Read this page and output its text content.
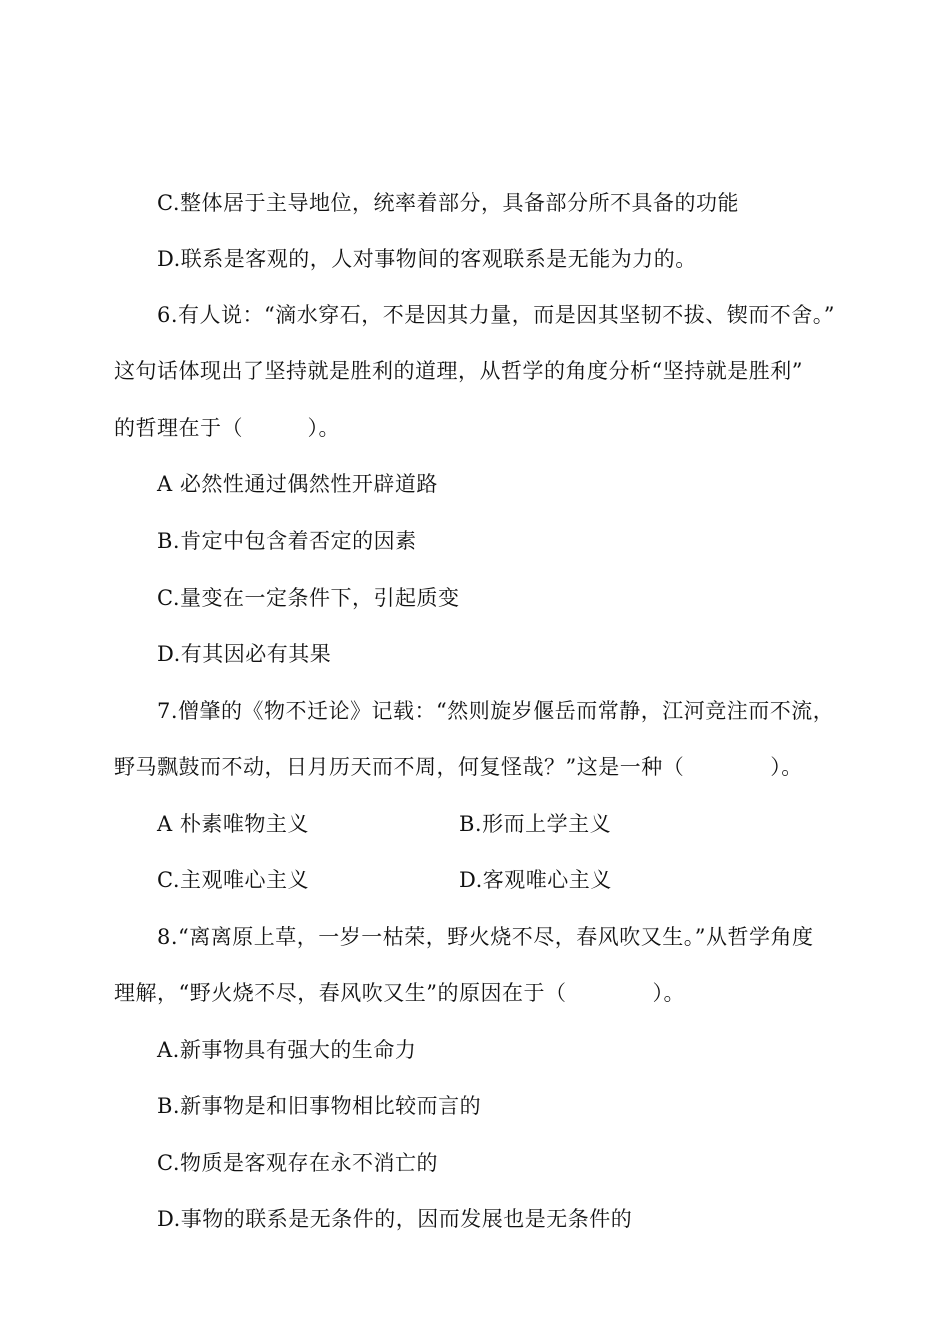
C.整体居于主导地位，统率着部分，具备部分所不具备的功能
D.联系是客观的，人对事物间的客观联系是无能为力的。
6.有人说：“滴水穿石，不是因其力量，而是因其坚韧不拔、锲而不舍。”
这句话体现出了坚持就是胜利的道理，从哲学的角度分析“坚持就是胜利”
的哲理在于（　　　）。
A 必然性通过偶然性开辟道路
B.肯定中包含着否定的因素
C.量变在一定条件下，引起质变
D.有其因必有其果
7.僧肇的《物不迁论》记载：“然则旋岁偃岳而常静，江河竞注而不流，
野马飘鼓而不动，日月历天而不周，何复怪哉？”这是一种（　　　　）。
A 朴素唯物主义	B.形而上学主义
C.主观唯心主义	D.客观唯心主义
8.“离离原上草，一岁一枯荣，野火烧不尽，春风吹又生。”从哲学角度
理解，“野火烧不尽，春风吹又生”的原因在于（　　　　）。
A.新事物具有强大的生命力
B.新事物是和旧事物相比较而言的
C.物质是客观存在永不消亡的
D.事物的联系是无条件的，因而发展也是无条件的
